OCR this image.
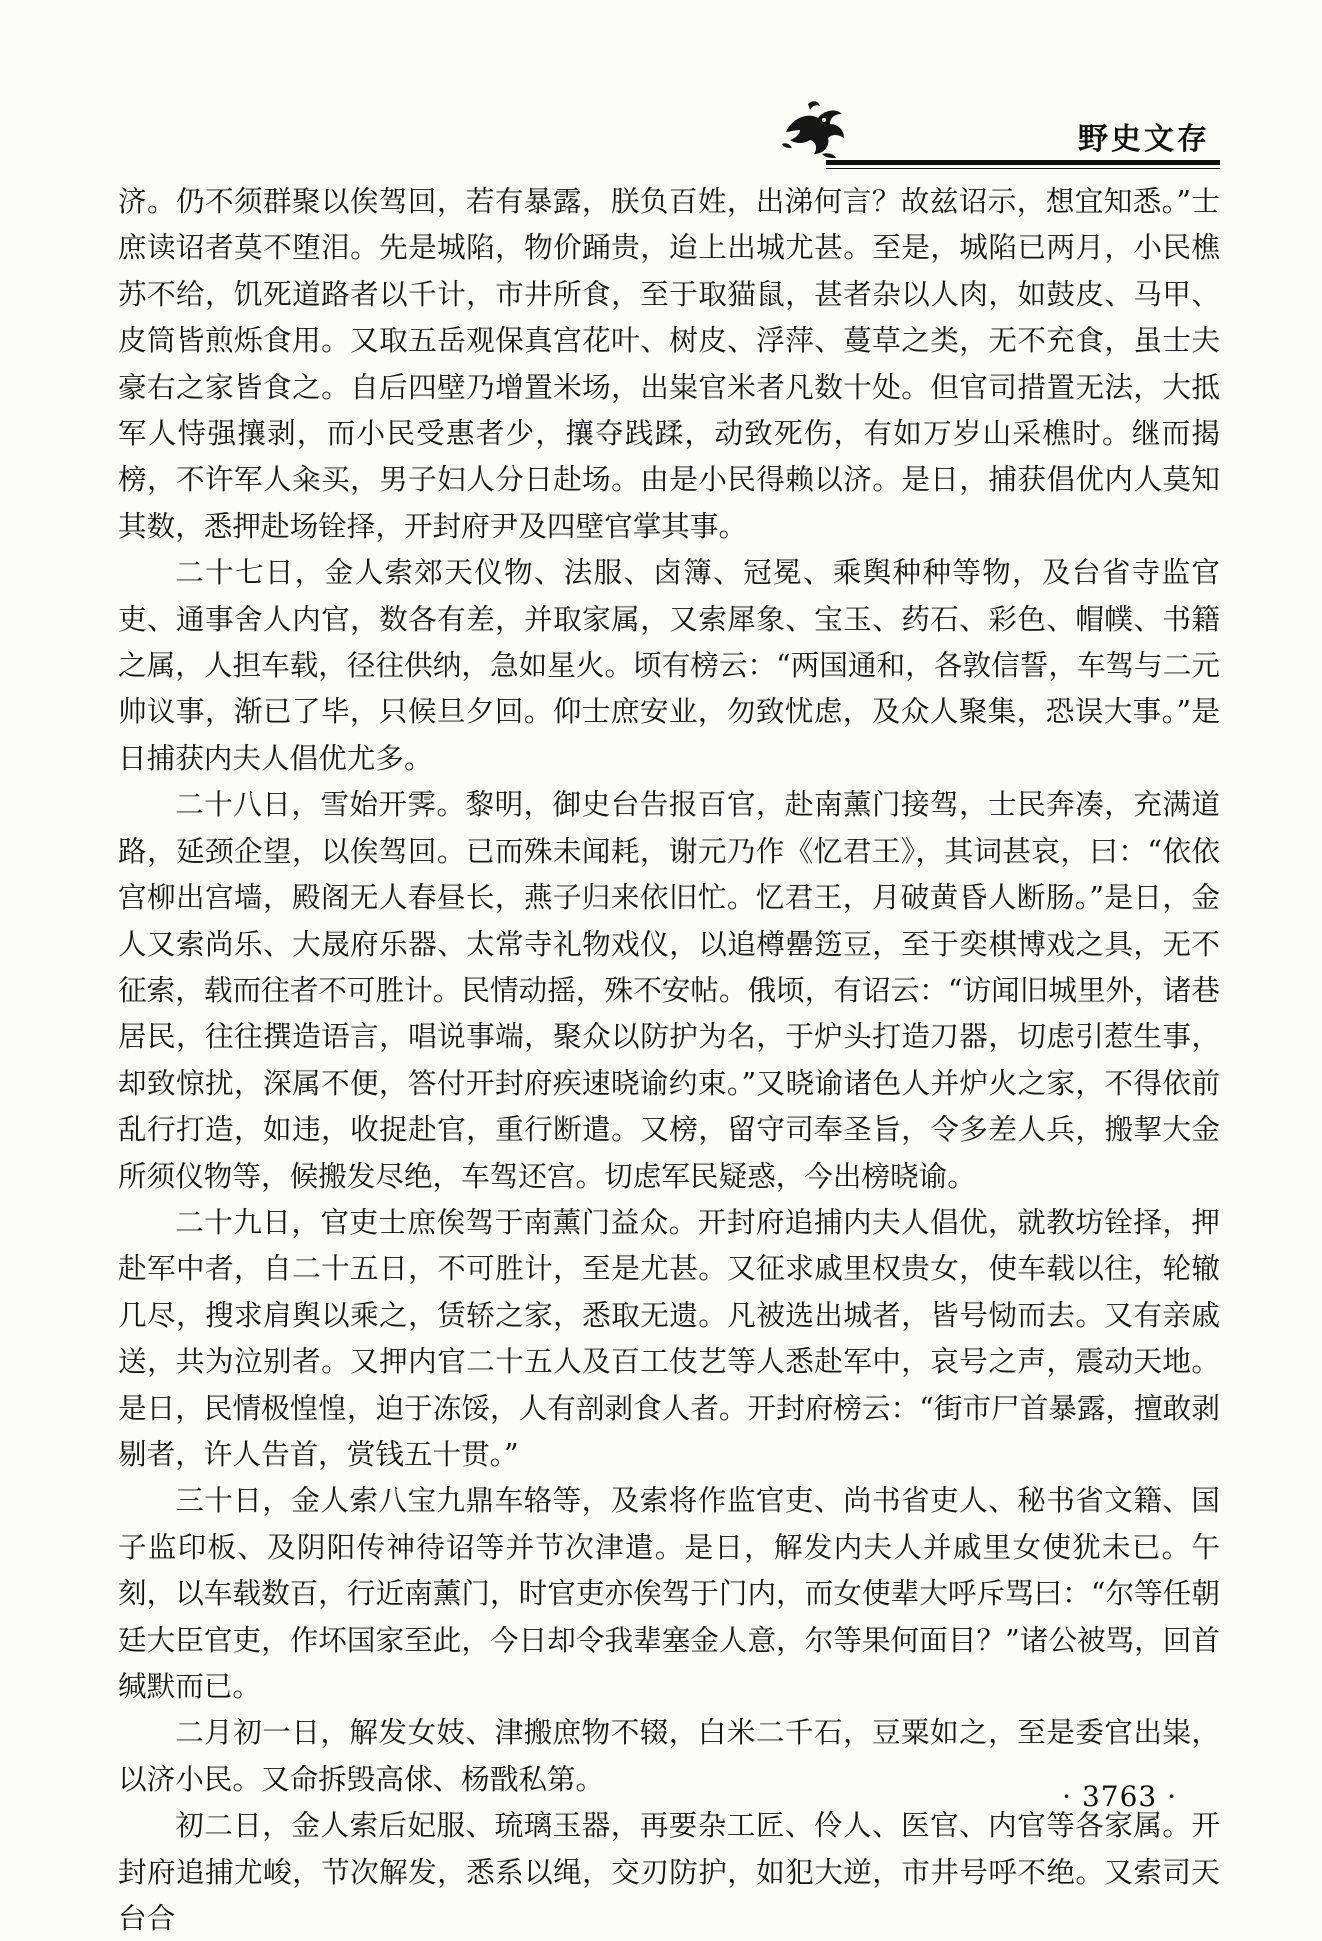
野史文存

济。仍不须群聚以俟驾回，若有暴露，朕负百姓，出涕何言？故兹诏示，想宜知悉。”士庶读诏者莫不堕泪。先是城陷，物价踊贵，迨上出城尤甚。至是，城陷已两月，小民樵苏不给，饥死道路者以千计，市井所食，至于取猫鼠，甚者杂以人肉，如鼓皮、马甲、皮筒皆煎烁食用。又取五岳观保真宫花叶、树皮、浮萍、蔓草之类，无不充食，虽士夫豪右之家皆食之。自后四壁乃增置米场，出粜官米者凡数十处。但官司措置无法，大抵军人恃强攘剥，而小民受惠者少，攘夺践蹂，动致死伤，有如万岁山采樵时。继而揭榜，不许军人籴买，男子妇人分日赴场。由是小民得赖以济。是日，捕获倡优内人莫知其数，悉押赴场铨择，开封府尹及四壁官掌其事。

二十七日，金人索郊天仪物、法服、卤簿、冠冕、乘舆种种等物，及台省寺监官吏、通事舍人内官，数各有差，并取家属，又索犀象、宝玉、药石、彩色、帽幞、书籍之属，人担车载，径往供纳，急如星火。顷有榜云：“两国通和，各敦信誓，车驾与二元帅议事，渐已了毕，只候旦夕回。仰士庶安业，勿致忧虑，及众人聚集，恐误大事。”是日捕获内夫人倡优尤多。

二十八日，雪始开霁。黎明，御史台告报百官，赴南薰门接驾，士民奔凑，充满道路，延颈企望，以俟驾回。已而殊未闻耗，谢元乃作《忆君王》，其词甚哀，曰：“依依宫柳出宫墙，殿阁无人春昼长，燕子归来依旧忙。忆君王，月破黄昏人断肠。”是日，金人又索尚乐、大晟府乐器、太常寺礼物戏仪，以追樽罍笾豆，至于奕棋博戏之具，无不征索，载而往者不可胜计。民情动摇，殊不安帖。俄顷，有诏云：“访闻旧城里外，诸巷居民，往往撰造语言，唱说事端，聚众以防护为名，于炉头打造刀器，切虑引惹生事，却致惊扰，深属不便，答付开封府疾速晓谕约束。”又晓谕诸色人并炉火之家，不得依前乱行打造，如违，收捉赴官，重行断遣。又榜，留守司奉圣旨，令多差人兵，搬挈大金所须仪物等，候搬发尽绝，车驾还宫。切虑军民疑惑，今出榜晓谕。

二十九日，官吏士庶俟驾于南薰门益众。开封府追捕内夫人倡优，就教坊铨择，押赴军中者，自二十五日，不可胜计，至是尤甚。又征求戚里权贵女，使车载以往，轮辙几尽，搜求肩舆以乘之，赁轿之家，悉取无遗。凡被选出城者，皆号恸而去。又有亲戚送，共为泣别者。又押内官二十五人及百工伎艺等人悉赴军中，哀号之声，震动天地。是日，民情极惶惶，迫于冻馁，人有剖剥食人者。开封府榜云：“街市尸首暴露，擅敢剥剔者，许人告首，赏钱五十贯。”

三十日，金人索八宝九鼎车辂等，及索将作监官吏、尚书省吏人、秘书省文籍、国子监印板、及阴阳传神待诏等并节次津遣。是日，解发内夫人并戚里女使犹未已。午刻，以车载数百，行近南薰门，时官吏亦俟驾于门内，而女使辈大呼斥骂曰：“尔等任朝廷大臣官吏，作坏国家至此，今日却令我辈塞金人意，尔等果何面目？”诸公被骂，回首缄默而已。

二月初一日，解发女妓、津搬庶物不辍，白米二千石，豆粟如之，至是委官出粜，以济小民。又命拆毁高俅、杨戬私第。

初二日，金人索后妃服、琉璃玉器，再要杂工匠、伶人、医官、内官等各家属。开封府追捕尤峻，节次解发，悉系以绳，交刃防护，如犯大逆，市井号呼不绝。又索司天台合

· 3763 ·
